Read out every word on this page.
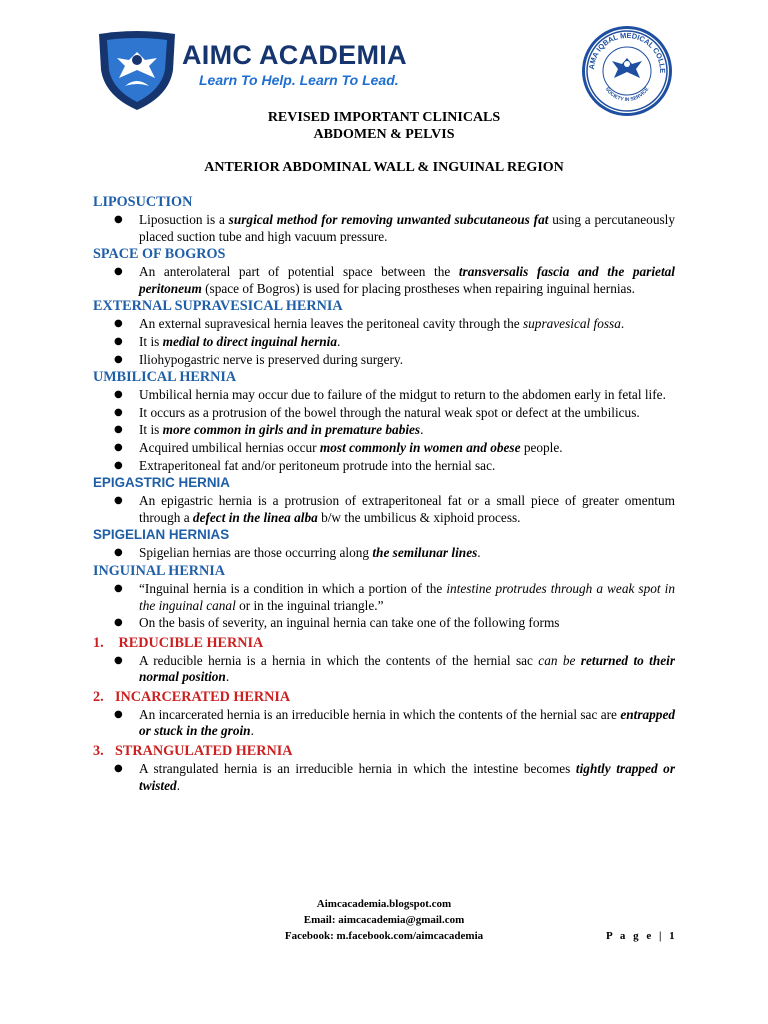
AIMC ACADEMIA
Learn To Help. Learn To Lead.
AMA IQBAL MEDICAL COLLE
SOCIETY IN SERVICE
REVISED IMPORTANT CLINICALS
ABDOMEN & PELVIS
ANTERIOR ABDOMINAL WALL & INGUINAL REGION
LIPOSUCTION
● Liposuction is a surgical method for removing unwanted subcutaneous fat using a percutaneously placed suction tube and high vacuum pressure.
SPACE OF BOGROS
● An anterolateral part of potential space between the transversalis fascia and the parietal peritoneum (space of Bogros) is used for placing prostheses when repairing inguinal hernias.
EXTERNAL SUPRAVESICAL HERNIA
● An external supravesical hernia leaves the peritoneal cavity through the supravesical fossa.
● It is medial to direct inguinal hernia.
● Iliohypogastric nerve is preserved during surgery.
UMBILICAL HERNIA
● Umbilical hernia may occur due to failure of the midgut to return to the abdomen early in fetal life.
● It occurs as a protrusion of the bowel through the natural weak spot or defect at the umbilicus.
● It is more common in girls and in premature babies.
● Acquired umbilical hernias occur most commonly in women and obese people.
● Extraperitoneal fat and/or peritoneum protrude into the hernial sac.
EPIGASTRIC HERNIA
● An epigastric hernia is a protrusion of extraperitoneal fat or a small piece of greater omentum through a defect in the linea alba b/w the umbilicus & xiphoid process.
SPIGELIAN HERNIAS
● Spigelian hernias are those occurring along the semilunar lines.
INGUINAL HERNIA
● “Inguinal hernia is a condition in which a portion of the intestine protrudes through a weak spot in the inguinal canal or in the inguinal triangle.”
● On the basis of severity, an inguinal hernia can take one of the following forms
1. REDUCIBLE HERNIA
● A reducible hernia is a hernia in which the contents of the hernial sac can be returned to their normal position.
2. INCARCERATED HERNIA
● An incarcerated hernia is an irreducible hernia in which the contents of the hernial sac are entrapped or stuck in the groin.
3. STRANGULATED HERNIA
● A strangulated hernia is an irreducible hernia in which the intestine becomes tightly trapped or twisted.
Aimcacademia.blogspot.com
Email: aimcacademia@gmail.com
Facebook: m.facebook.com/aimcacademia	P a g e | 1
